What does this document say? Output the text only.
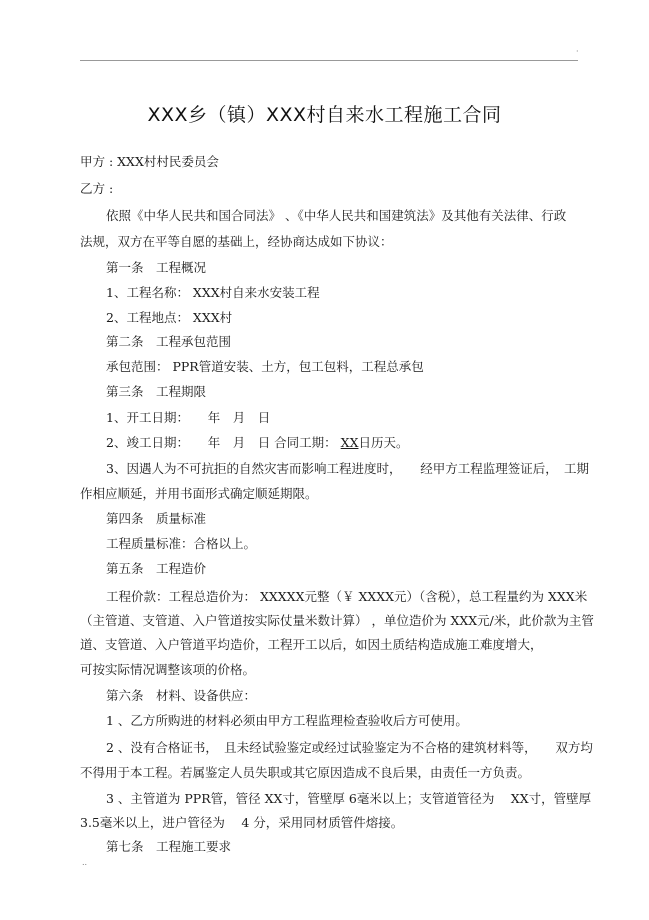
·
XXX乡（镇）XXX村自来水工程施工合同
甲方 : XXX村村民委员会
乙方 :
依照《中华人民共和国合同法》 、《中华人民共和国建筑法》及其他有关法律、行政
法规，双方在平等自愿的基础上，经协商达成如下协议：
第一条　工程概况
1、工程名称： XXX村自来水安装工程
2、工程地点： XXX村
第二条　工程承包范围
承包范围： PPR管道安装、土方，包工包料，工程总承包
第三条　工程期限
1、开工日期：　　年　月　日
2、竣工日期：　　年　月　日 合同工期： XX日历天。
3、因遇人为不可抗拒的自然灾害而影响工程进度时，　　经甲方工程监理签证后，　工期
作相应顺延，并用书面形式确定顺延期限。
第四条　质量标准
工程质量标准：合格以上。
第五条　工程造价
工程价款：工程总造价为： XXXXX元整（￥ XXXX元）（含税），总工程量约为 XXX米
（主管道、支管道、入户管道按实际仗量米数计算） ，单位造价为 XXX元/米，此价款为主管
道、支管道、入户管道平均造价，工程开工以后，如因土质结构造成施工难度增大，
可按实际情况调整该项的价格。
第六条　材料、设备供应：
1 、乙方所购进的材料必须由甲方工程监理检查验收后方可使用。
2 、没有合格证书，　且未经试验鉴定或经过试验鉴定为不合格的建筑材料等，　　双方均
不得用于本工程。若属鉴定人员失职或其它原因造成不良后果，由责任一方负责。
3 、主管道为 PPR管，管径 XX寸，管壁厚 6毫米以上；支管道管径为　 XX寸，管壁厚
3.5毫米以上，进户管径为　 4 分，采用同材质管件熔接。
第七条　工程施工要求
..
